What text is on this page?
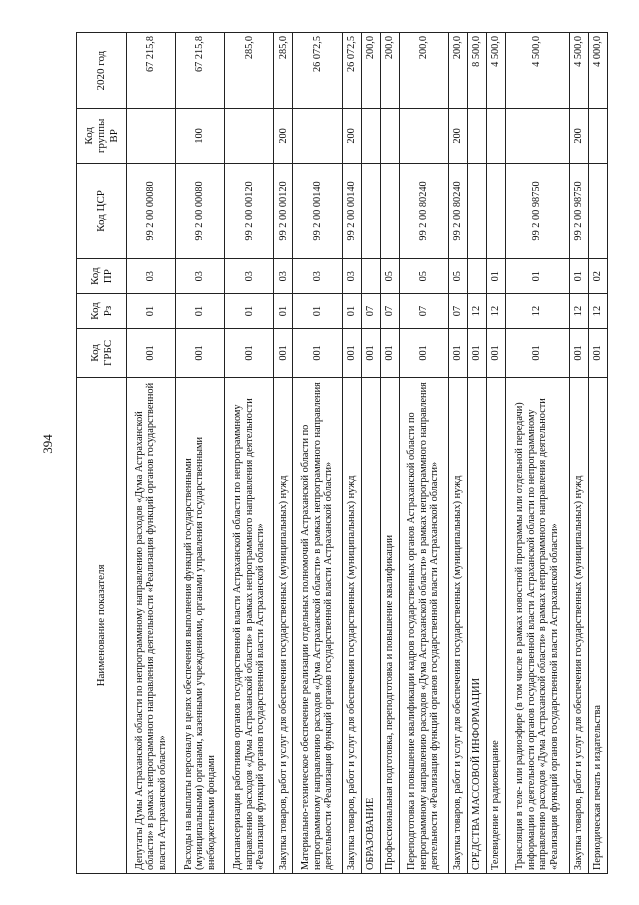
394
Наименование показателя	Код ГРБС	Код Рз	Код ПР	Код ЦСР	Код группы ВР	2020 год
Депутаты Думы Астраханской области по непрограммному направлению расходов «Дума Астраханской области» в рамках непрограммного направления деятельности «Реализация функций органов государственной власти Астраханской области»	001	01	03	99 2 00 00080		67 215,8
Расходы на выплаты персоналу в целях обеспечения выполнения функций государственными (муниципальными) органами, казенными учреждениями, органами управления государственными внебюджетными фондами	001	01	03	99 2 00 00080	100	67 215,8
Диспансеризация работников органов государственной власти Астраханской области по непрограммному направлению расходов «Дума Астраханской области» в рамках непрограммного направления деятельности «Реализация функций органов государственной власти Астраханской области»	001	01	03	99 2 00 00120		285,0
Закупка товаров, работ и услуг для обеспечения государственных (муниципальных) нужд	001	01	03	99 2 00 00120	200	285,0
Материально-техническое обеспечение реализации отдельных полномочий Астраханской области по непрограммному направлению расходов «Дума Астраханской области» в рамках непрограммного направления деятельности «Реализация функций органов государственной власти Астраханской области»	001	01	03	99 2 00 00140		26 072,5
Закупка товаров, работ и услуг для обеспечения государственных (муниципальных) нужд	001	01	03	99 2 00 00140	200	26 072,5
ОБРАЗОВАНИЕ	001	07				200,0
Профессиональная подготовка, переподготовка и повышение квалификации	001	07	05			200,0
Переподготовка и повышение квалификации кадров государственных органов Астраханской области по непрограммному направлению расходов «Дума Астраханской области» в рамках непрограммного направления деятельности «Реализация функций органов государственной власти Астраханской области»	001	07	05	99 2 00 80240		200,0
Закупка товаров, работ и услуг для обеспечения государственных (муниципальных) нужд	001	07	05	99 2 00 80240	200	200,0
СРЕДСТВА МАССОВОЙ ИНФОРМАЦИИ	001	12				8 500,0
Телевидение и радиовещание	001	12	01			4 500,0
Трансляция в теле- или радиоэфире (в том числе в рамках новостной программы или отдельной передачи) информации о деятельности органов государственной власти Астраханской области по непрограммному направлению расходов «Дума Астраханской области» в рамках непрограммного направления деятельности «Реализация функций органов государственной власти Астраханской области»	001	12	01	99 2 00 98750		4 500,0
Закупка товаров, работ и услуг для обеспечения государственных (муниципальных) нужд	001	12	01	99 2 00 98750	200	4 500,0
Периодическая печать и издательства	001	12	02			4 000,0
